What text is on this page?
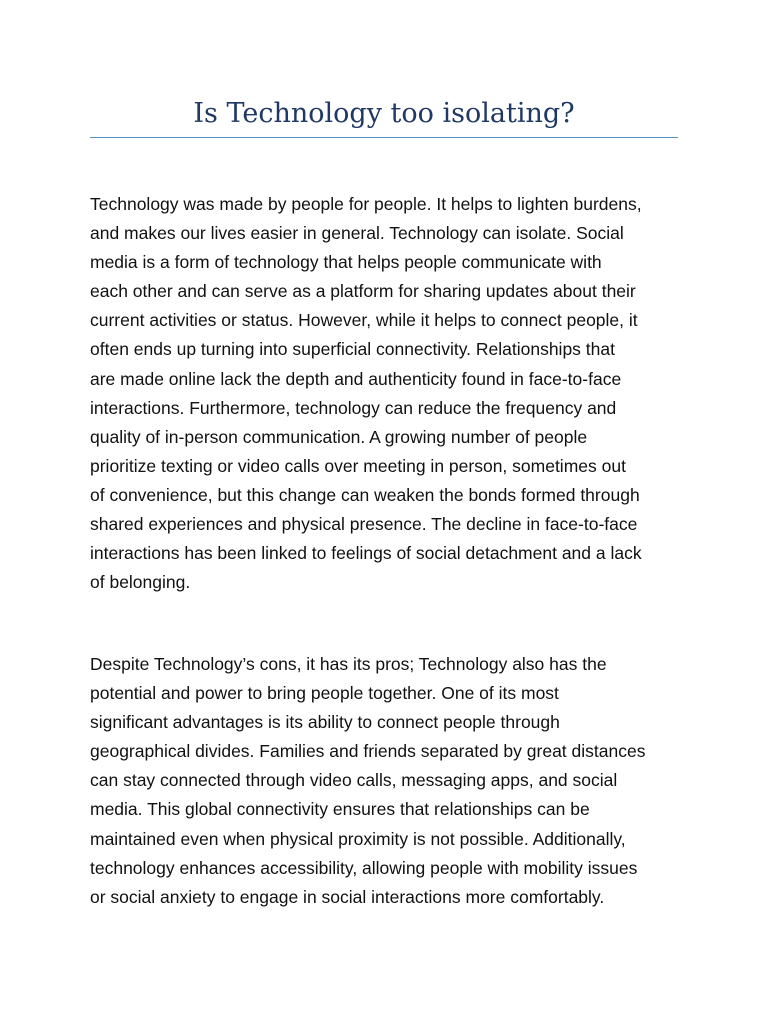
Is Technology too isolating?

Technology was made by people for people. It helps to lighten burdens,
and makes our lives easier in general. Technology can isolate. Social
media is a form of technology that helps people communicate with
each other and can serve as a platform for sharing updates about their
current activities or status. However, while it helps to connect people, it
often ends up turning into superficial connectivity. Relationships that
are made online lack the depth and authenticity found in face-to-face
interactions. Furthermore, technology can reduce the frequency and
quality of in-person communication. A growing number of people
prioritize texting or video calls over meeting in person, sometimes out
of convenience, but this change can weaken the bonds formed through
shared experiences and physical presence. The decline in face-to-face
interactions has been linked to feelings of social detachment and a lack
of belonging.

Despite Technology’s cons, it has its pros; Technology also has the
potential and power to bring people together. One of its most
significant advantages is its ability to connect people through
geographical divides. Families and friends separated by great distances
can stay connected through video calls, messaging apps, and social
media. This global connectivity ensures that relationships can be
maintained even when physical proximity is not possible. Additionally,
technology enhances accessibility, allowing people with mobility issues
or social anxiety to engage in social interactions more comfortably.
